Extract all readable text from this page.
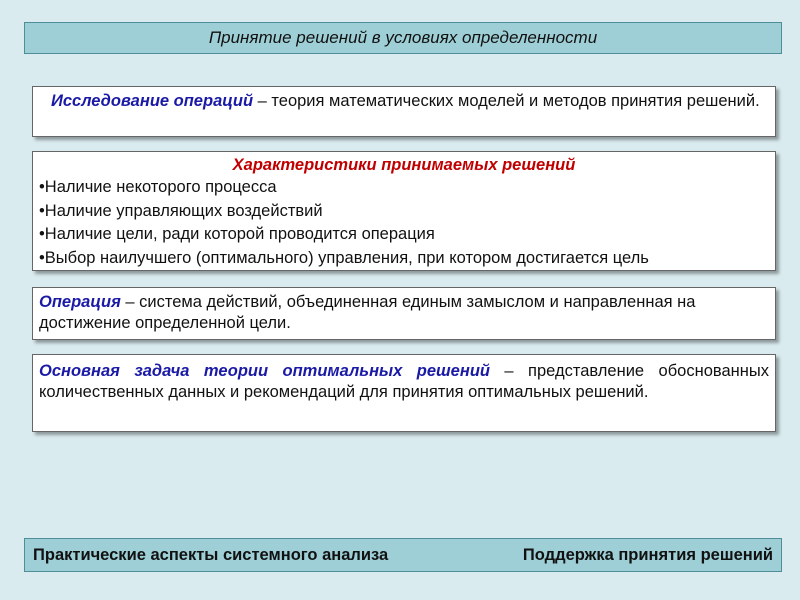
Принятие решений в условиях определенности
Исследование операций – теория математических моделей и методов принятия решений.
Характеристики принимаемых решений
•Наличие некоторого процесса
•Наличие управляющих воздействий
•Наличие цели, ради которой проводится операция
•Выбор наилучшего (оптимального) управления, при котором достигается цель
Операция – система действий, объединенная единым замыслом и направленная на достижение определенной цели.
Основная задача теории оптимальных решений – представление обоснованных количественных данных и рекомендаций для принятия оптимальных решений.
Практические аспекты системного анализа	Поддержка принятия решений
